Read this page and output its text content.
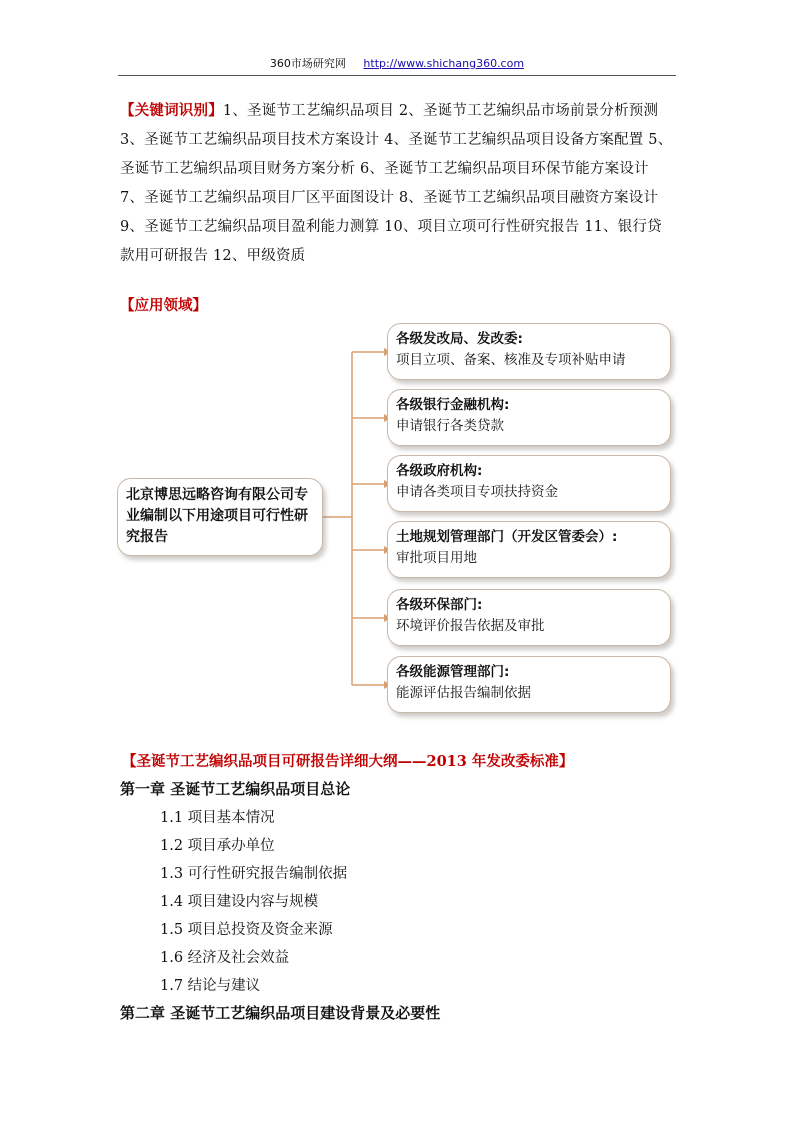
360市场研究网 http://www.shichang360.com
【关键词识别】1、圣诞节工艺编织品项目 2、圣诞节工艺编织品市场前景分析预测 3、圣诞节工艺编织品项目技术方案设计 4、圣诞节工艺编织品项目设备方案配置 5、圣诞节工艺编织品项目财务方案分析 6、圣诞节工艺编织品项目环保节能方案设计 7、圣诞节工艺编织品项目厂区平面图设计 8、圣诞节工艺编织品项目融资方案设计 9、圣诞节工艺编织品项目盈利能力测算 10、项目立项可行性研究报告 11、银行贷款用可研报告 12、甲级资质
【应用领域】
北京博思远略咨询有限公司专业编制以下用途项目可行性研究报告
各级发改局、发改委:
项目立项、备案、核准及专项补贴申请
各级银行金融机构:
申请银行各类贷款
各级政府机构:
申请各类项目专项扶持资金
土地规划管理部门（开发区管委会）:
审批项目用地
各级环保部门:
环境评价报告依据及审批
各级能源管理部门:
能源评估报告编制依据
【圣诞节工艺编织品项目可研报告详细大纲——2013 年发改委标准】
第一章 圣诞节工艺编织品项目总论
1.1 项目基本情况
1.2 项目承办单位
1.3 可行性研究报告编制依据
1.4 项目建设内容与规模
1.5 项目总投资及资金来源
1.6 经济及社会效益
1.7 结论与建议
第二章 圣诞节工艺编织品项目建设背景及必要性
